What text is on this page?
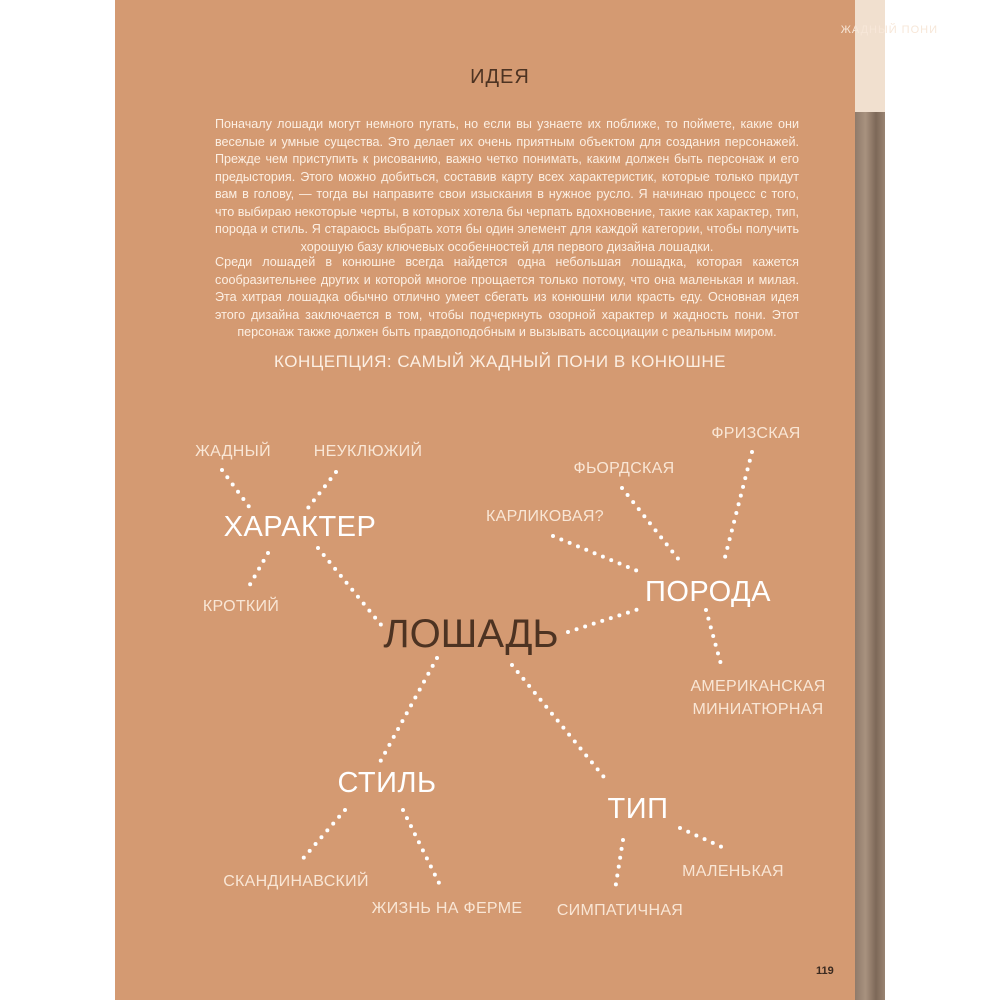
ЖАДНЫЙ ПОНИ
ИДЕЯ
Поначалу лошади могут немного пугать, но если вы узнаете их поближе, то поймете, какие они веселые и умные существа. Это делает их очень приятным объектом для создания персонажей. Прежде чем приступить к рисованию, важно четко понимать, каким должен быть персонаж и его предыстория. Этого можно добиться, составив карту всех характеристик, которые только придут вам в голову, — тогда вы направите свои изыскания в нужное русло. Я начинаю процесс с того, что выбираю некоторые черты, в которых хотела бы черпать вдохновение, такие как характер, тип, порода и стиль. Я стараюсь выбрать хотя бы один элемент для каждой категории, чтобы получить хорошую базу ключевых особенностей для первого дизайна лошадки.
Среди лошадей в конюшне всегда найдется одна небольшая лошадка, которая кажется сообразительнее других и которой многое прощается только потому, что она маленькая и милая. Эта хитрая лошадка обычно отлично умеет сбегать из конюшни или красть еду. Основная идея этого дизайна заключается в том, чтобы подчеркнуть озорной характер и жадность пони. Этот персонаж также должен быть правдоподобным и вызывать ассоциации с реальным миром.
КОНЦЕПЦИЯ: САМЫЙ ЖАДНЫЙ ПОНИ В КОНЮШНЕ
ЛОШАДЬ
ХАРАКТЕР
ЖАДНЫЙ	НЕУКЛЮЖИЙ
КРОТКИЙ	ПОРОДА
ФРИЗСКАЯ
ФЬОРДСКАЯ
КАРЛИКОВАЯ?
АМЕРИКАНСКАЯ
МИНИАТЮРНАЯ
СТИЛЬ
СКАНДИНАВСКИЙ
ЖИЗНЬ НА ФЕРМЕ
ТИП
МАЛЕНЬКАЯ
СИМПАТИЧНАЯ
119
